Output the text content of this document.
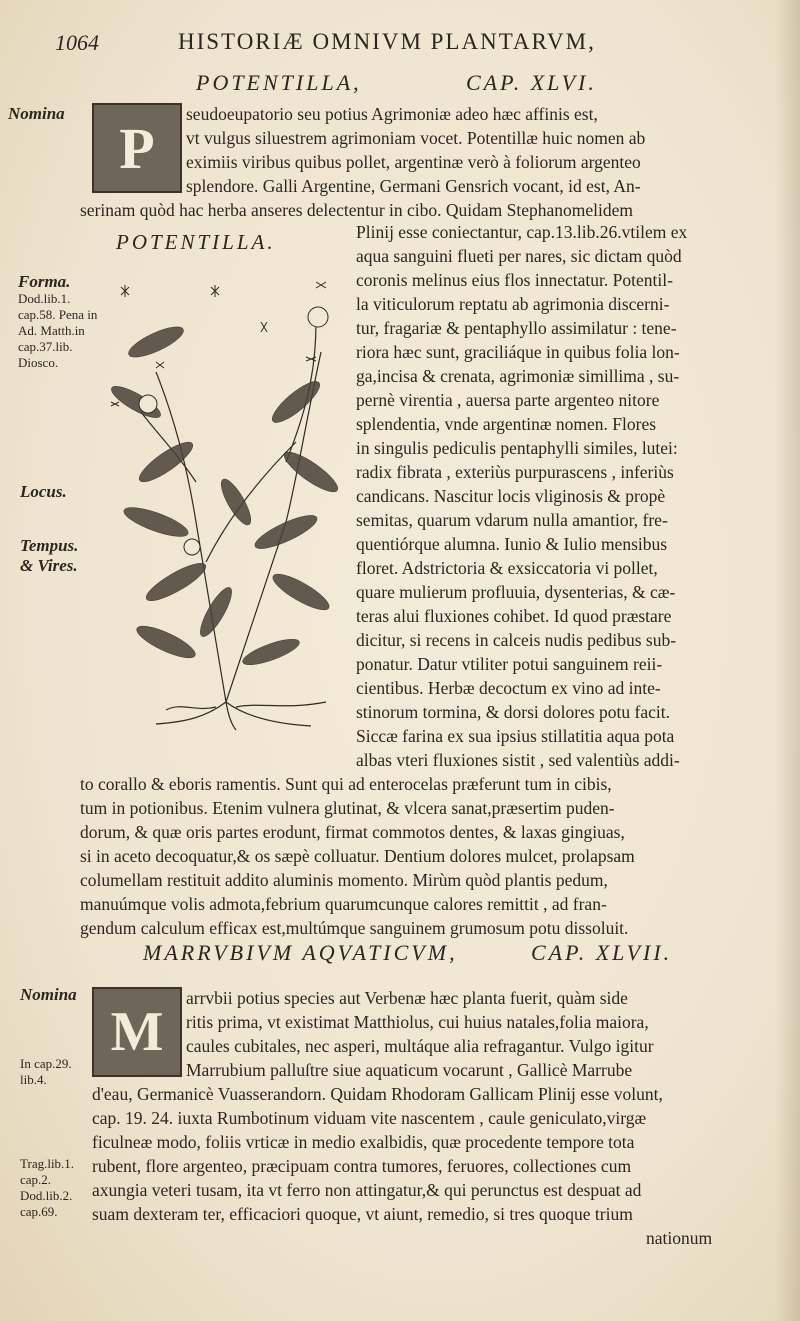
1064	HISTORIÆ OMNIVM PLANTARVM,
POTENTILLA,	CAP. XLVI.
P
Nomina
Forma.
Dod.lib.1. cap.58. Pena in Ad. Matth.in cap.37.lib. Diosco.
Locus.
Tempus.
& Vires.
POTENTILLA.
seudoeupatorio seu potius Agrimoniæ adeo hæc affinis est,
vt vulgus siluestrem agrimoniam vocet. Potentillæ huic nomen ab
eximiis viribus quibus pollet, argentinæ verò à foliorum argenteo
splendore. Galli Argentine, Germani Gensrich vocant, id est, An-
serinam quòd hac herba anseres delectentur in cibo. Quidam Stephanomelidem
Plinij esse coniectantur, cap.13.lib.26.vtilem ex
aqua sanguini flueti per nares, sic dictam quòd
coronis melinus eius flos innectatur. Potentil-
la viticulorum reptatu ab agrimonia discerni-
tur, fragariæ & pentaphyllo assimilatur : tene-
riora hæc sunt, graciliáque in quibus folia lon-
ga,incisa & crenata, agrimoniæ simillima , su-
pernè virentia , auersa parte argenteo nitore
splendentia, vnde argentinæ nomen. Flores
in singulis pediculis pentaphylli similes, lutei:
radix fibrata , exteriùs purpurascens , inferiùs
candicans. Nascitur locis vliginosis & propè
semitas, quarum vdarum nulla amantior, fre-
quentiórque alumna. Iunio & Iulio mensibus
floret. Adstrictoria & exsiccatoria vi pollet,
quare mulierum profluuia, dysenterias, & cæ-
teras alui fluxiones cohibet. Id quod præstare
dicitur, si recens in calceis nudis pedibus sub-
ponatur. Datur vtiliter potui sanguinem reii-
cientibus. Herbæ decoctum ex vino ad inte-
stinorum tormina, & dorsi dolores potu facit.
Siccæ farina ex sua ipsius stillatitia aqua pota
albas vteri fluxiones sistit , sed valentiùs addi-
to corallo & eboris ramentis. Sunt qui ad enterocelas præferunt tum in cibis,
tum in potionibus. Etenim vulnera glutinat, & vlcera sanat,præsertim puden-
dorum, & quæ oris partes erodunt, firmat commotos dentes, & laxas gingiuas,
si in aceto decoquatur,& os sæpè colluatur. Dentium dolores mulcet, prolapsam
columellam restituit addito aluminis momento. Mirùm quòd plantis pedum,
manuúmque volis admota,febrium quarumcunque calores remittit , ad fran-
gendum calculum efficax est,multúmque sanguinem grumosum potu dissoluit.
MARRVBIVM AQVATICVM,	CAP. XLVII.
M
Nomina
In cap.29. lib.4.
Trag.lib.1. cap.2. Dod.lib.2. cap.69.
arrvbii potius species aut Verbenæ hæc planta fuerit, quàm side
ritis prima, vt existimat Matthiolus, cui huius natales,folia maiora,
caules cubitales, nec asperi, multáque alia refragantur. Vulgo igitur
Marrubium palluſtre siue aquaticum vocarunt , Gallicè Marrube
d'eau, Germanicè Vuasserandorn. Quidam Rhodoram Gallicam Plinij esse volunt,
cap. 19. 24. iuxta Rumbotinum viduam vite nascentem , caule geniculato,virgæ
ficulneæ modo, foliis vrticæ in medio exalbidis, quæ procedente tempore tota
rubent, flore argenteo, præcipuam contra tumores, feruores, collectiones cum
axungia veteri tusam, ita vt ferro non attingatur,& qui perunctus est despuat ad
suam dexteram ter, efficaciori quoque, vt aiunt, remedio, si tres quoque trium
nationum
